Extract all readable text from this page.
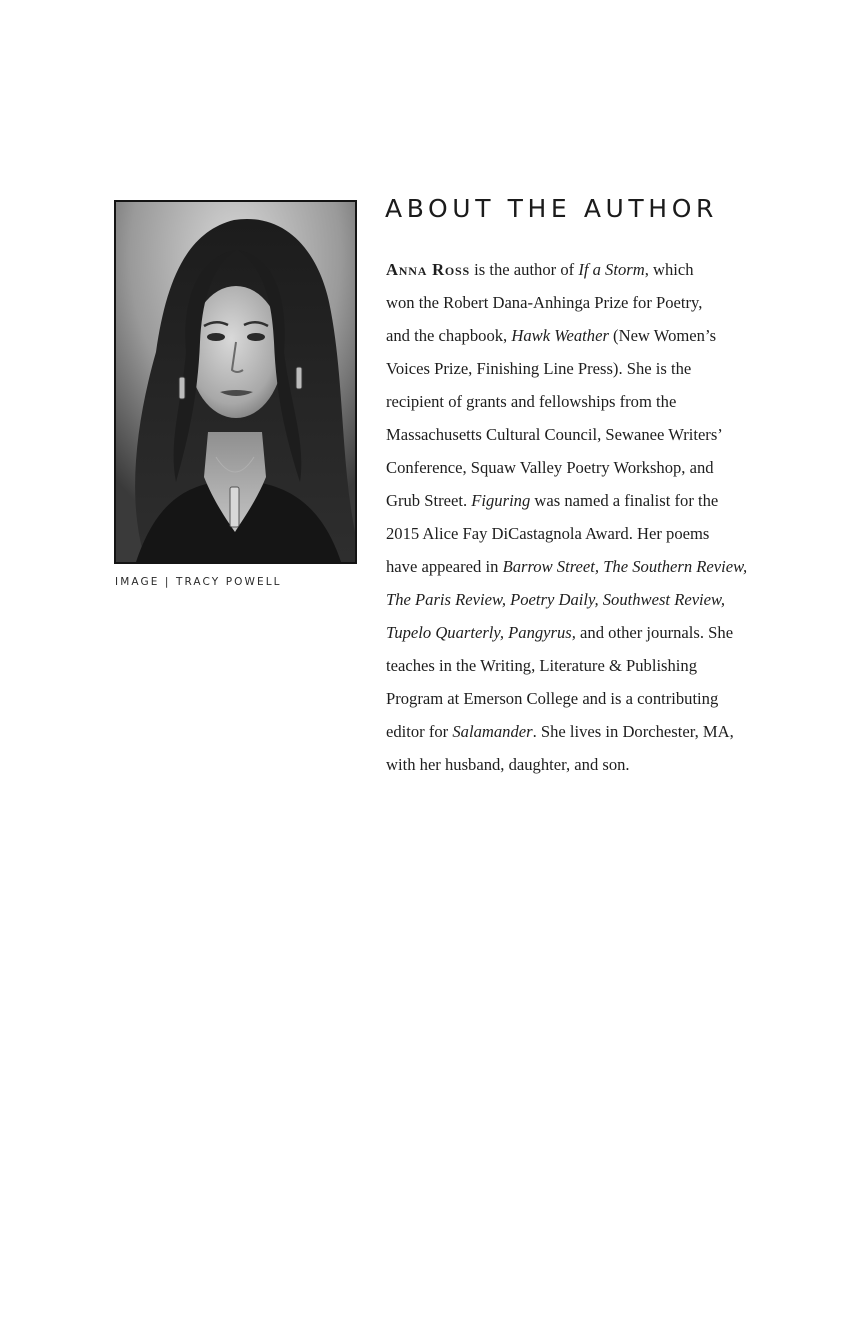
IMAGE | TRACY POWELL
ABOUT THE AUTHOR

Anna Ross is the author of If a Storm, which
won the Robert Dana-Anhinga Prize for Poetry,
and the chapbook, Hawk Weather (New Women’s
Voices Prize, Finishing Line Press). She is the
recipient of grants and fellowships from the
Massachusetts Cultural Council, Sewanee Writers’
Conference, Squaw Valley Poetry Workshop, and
Grub Street. Figuring was named a finalist for the
2015 Alice Fay DiCastagnola Award. Her poems
have appeared in Barrow Street, The Southern Review,
The Paris Review, Poetry Daily, Southwest Review,
Tupelo Quarterly, Pangyrus, and other journals. She
teaches in the Writing, Literature & Publishing
Program at Emerson College and is a contributing
editor for Salamander. She lives in Dorchester, MA,
with her husband, daughter, and son.
